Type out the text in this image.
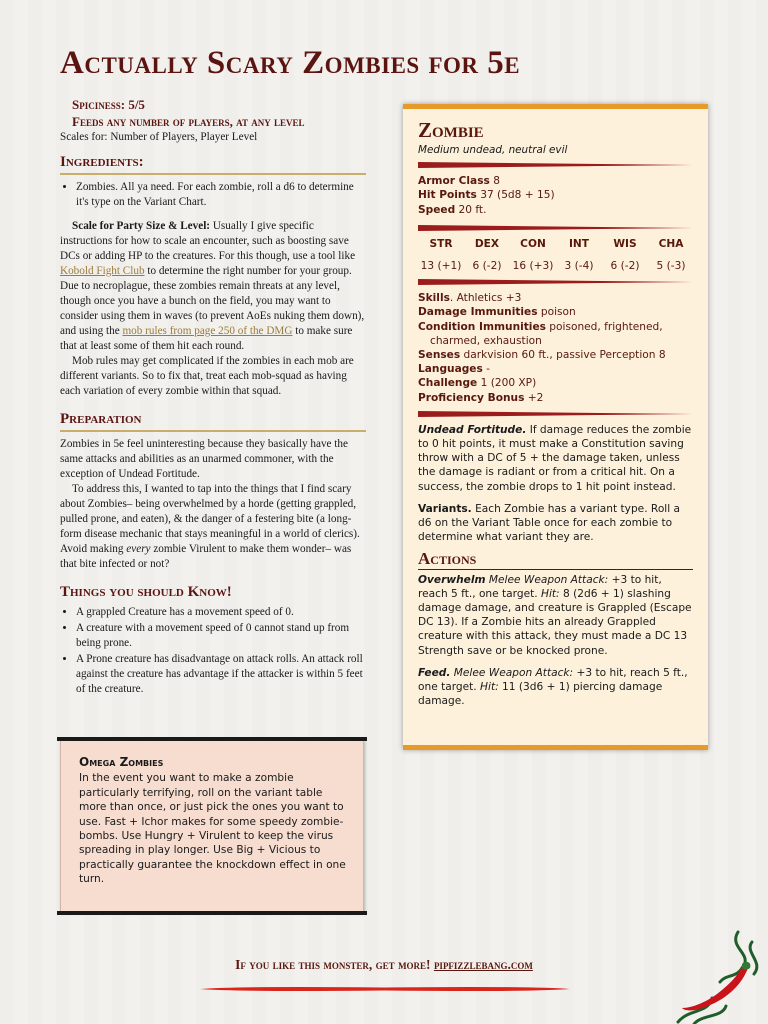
Actually Scary Zombies for 5e

Spiciness: 5/5

Feeds any number of players, at any level

Scales for: Number of Players, Player Level

Ingredients:
• Zombies. All ya need. For each zombie, roll a d6 to determine it's type on the Variant Chart.

Scale for Party Size & Level: Usually I give specific instructions for how to scale an encounter, such as boosting save DCs or adding HP to the creatures. For this though, use a tool like Kobold Fight Club to determine the right number for your group. Due to necroplague, these zombies remain threats at any level, though once you have a bunch on the field, you may want to consider using them in waves (to prevent AoEs nuking them down), and using the mob rules from page 250 of the DMG to make sure that at least some of them hit each round.

Mob rules may get complicated if the zombies in each mob are different variants. So to fix that, treat each mob-squad as having each variation of every zombie within that squad.

Preparation

Zombies in 5e feel uninteresting because they basically have the same attacks and abilities as an unarmed commoner, with the exception of Undead Fortitude.

To address this, I wanted to tap into the things that I find scary about Zombies– being overwhelmed by a horde (getting grappled, pulled prone, and eaten), & the danger of a festering bite (a long-form disease mechanic that stays meaningful in a world of clerics). Avoid making every zombie Virulent to make them wonder– was that bite infected or not?

Things you should Know!
• A grappled Creature has a movement speed of 0.
• A creature with a movement speed of 0 cannot stand up from being prone.
• A Prone creature has disadvantage on attack rolls. An attack roll against the creature has advantage if the attacker is within 5 feet of the creature.
Omega Zombies

In the event you want to make a zombie particularly terrifying, roll on the variant table more than once, or just pick the ones you want to use. Fast + Ichor makes for some speedy zombie-bombs. Use Hungry + Virulent to keep the virus spreading in play longer. Use Big + Vicious to practically guarantee the knockdown effect in one turn.

Zombie

Medium undead, neutral evil

Armor Class 8

Hit Points 37 (5d8 + 15)

Speed 20 ft.

STR
13 (+1)
DEX
6 (-2)
CON
16 (+3)
INT
3 (-4)
WIS
6 (-2)
CHA
5 (-3)

Skills. Athletics +3

Damage Immunities poison

Condition Immunities poisoned, frightened, charmed, exhaustion

Senses darkvision 60 ft., passive Perception 8

Languages -

Challenge 1 (200 XP)

Proficiency Bonus +2

Undead Fortitude. If damage reduces the zombie to 0 hit points, it must make a Constitution saving throw with a DC of 5 + the damage taken, unless the damage is radiant or from a critical hit. On a success, the zombie drops to 1 hit point instead.

Variants. Each Zombie has a variant type. Roll a d6 on the Variant Table once for each zombie to determine what variant they are.

Actions

Overwhelm Melee Weapon Attack: +3 to hit, reach 5 ft., one target. Hit: 8 (2d6 + 1) slashing damage damage, and creature is Grappled (Escape DC 13). If a Zombie hits an already Grappled creature with this attack, they must made a DC 13 Strength save or be knocked prone.

Feed. Melee Weapon Attack: +3 to hit, reach 5 ft., one target. Hit: 11 (3d6 + 1) piercing damage damage.

If you like this monster, get more! pipfizzlebang.com
